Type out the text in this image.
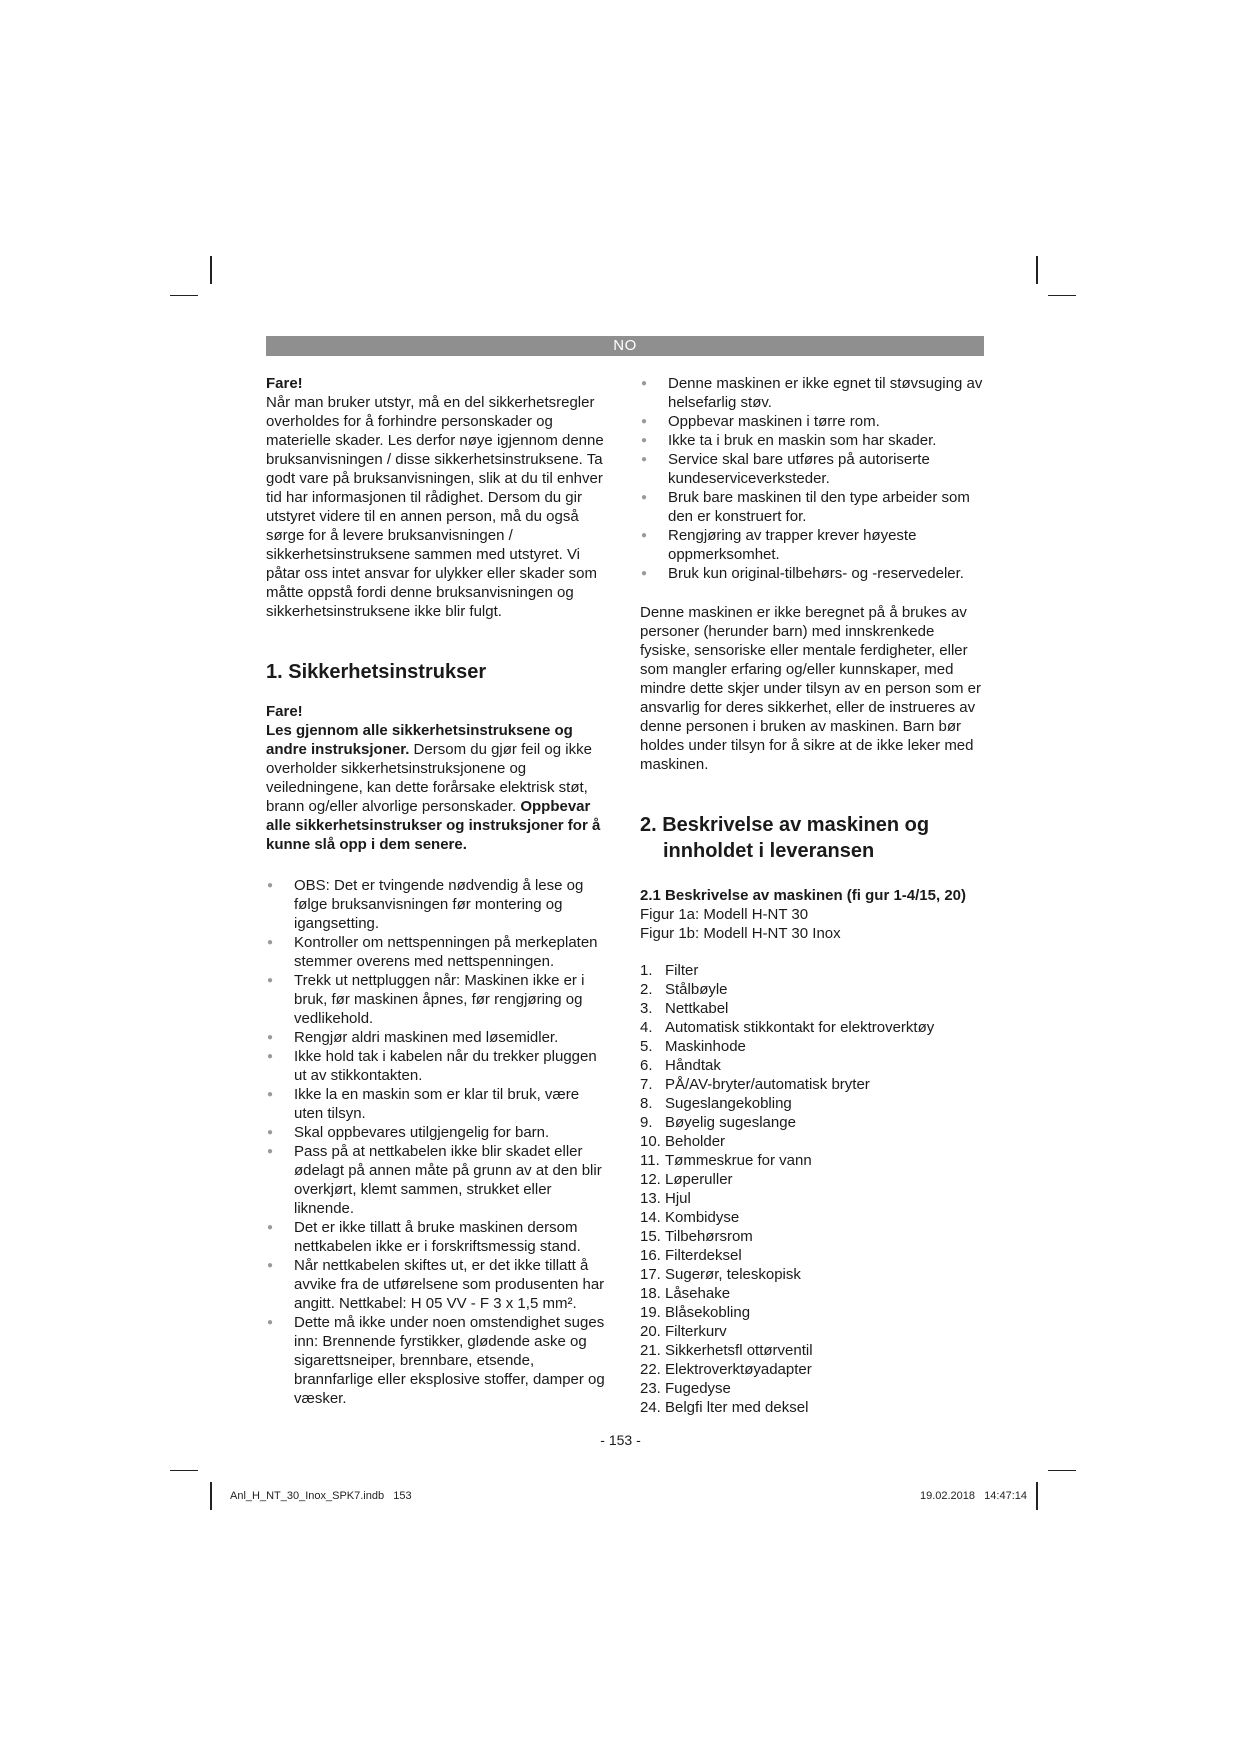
NO

Fare!

Når man bruker utstyr, må en del sikkerhetsregler overholdes for å forhindre personskader og materielle skader. Les derfor nøye igjennom denne bruksanvisningen / disse sikkerhetsinstruksene. Ta godt vare på bruksanvisningen, slik at du til enhver tid har informasjonen til rådighet. Dersom du gir utstyret videre til en annen person, må du også sørge for å levere bruksanvisningen / sikkerhetsinstruksene sammen med utstyret. Vi påtar oss intet ansvar for ulykker eller skader som måtte oppstå fordi denne bruksanvisningen og sikkerhetsinstruksene ikke blir fulgt.

1. Sikkerhetsinstrukser

Fare!

Les gjennom alle sikkerhetsinstruksene og andre instruksjoner. Dersom du gjør feil og ikke overholder sikkerhetsinstruksjonene og veiledningene, kan dette forårsake elektrisk støt, brann og/eller alvorlige personskader. Oppbevar alle sikkerhetsinstrukser og instruksjoner for å kunne slå opp i dem senere.

● OBS: Det er tvingende nødvendig å lese og følge bruksanvisningen før montering og igangsetting.
● Kontroller om nettspenningen på merkeplaten stemmer overens med nettspenningen.
● Trekk ut nettpluggen når: Maskinen ikke er i bruk, før maskinen åpnes, før rengjøring og vedlikehold.
● Rengjør aldri maskinen med løsemidler.
● Ikke hold tak i kabelen når du trekker pluggen ut av stikkontakten.
● Ikke la en maskin som er klar til bruk, være uten tilsyn.
● Skal oppbevares utilgjengelig for barn.
● Pass på at nettkabelen ikke blir skadet eller ødelagt på annen måte på grunn av at den blir overkjørt, klemt sammen, strukket eller liknende.
● Det er ikke tillatt å bruke maskinen dersom nettkabelen ikke er i forskriftsmessig stand.
● Når nettkabelen skiftes ut, er det ikke tillatt å avvike fra de utførelsene som produsenten har angitt. Nettkabel: H 05 VV - F 3 x 1,5 mm².
● Dette må ikke under noen omstendighet suges inn: Brennende fyrstikker, glødende aske og sigarettsneiper, brennbare, etsende, brannfarlige eller eksplosive stoffer, damper og væsker.
● Denne maskinen er ikke egnet til støvsuging av helsefarlig støv.
● Oppbevar maskinen i tørre rom.
● Ikke ta i bruk en maskin som har skader.
● Service skal bare utføres på autoriserte kundeserviceverksteder.
● Bruk bare maskinen til den type arbeider som den er konstruert for.
● Rengjøring av trapper krever høyeste oppmerksomhet.
● Bruk kun original-tilbehørs- og -reservedeler.

Denne maskinen er ikke beregnet på å brukes av personer (herunder barn) med innskrenkede fysiske, sensoriske eller mentale ferdigheter, eller som mangler erfaring og/eller kunnskaper, med mindre dette skjer under tilsyn av en person som er ansvarlig for deres sikkerhet, eller de instrueres av denne personen i bruken av maskinen. Barn bør holdes under tilsyn for å sikre at de ikke leker med maskinen.

2. Beskrivelse av maskinen og
innholdet i leveransen

2.1 Beskrivelse av maskinen (fi gur 1-4/15, 20)

Figur 1a: Modell H-NT 30

Figur 1b: Modell H-NT 30 Inox

1. Filter
2. Stålbøyle
3. Nettkabel
4. Automatisk stikkontakt for elektroverktøy
5. Maskinhode
6. Håndtak
7. PÅ/AV-bryter/automatisk bryter
8. Sugeslangekobling
9. Bøyelig sugeslange
10. Beholder
11. Tømmeskrue for vann
12. Løperuller
13. Hjul
14. Kombidyse
15. Tilbehørsrom
16. Filterdeksel
17. Sugerør, teleskopisk
18. Låsehake
19. Blåsekobling
20. Filterkurv
21. Sikkerhetsfl ottørventil
22. Elektroverktøyadapter
23. Fugedyse
24. Belgfi lter med deksel
- 153 -
Anl_H_NT_30_Inox_SPK7.indb   153	19.02.2018   14:47:14
